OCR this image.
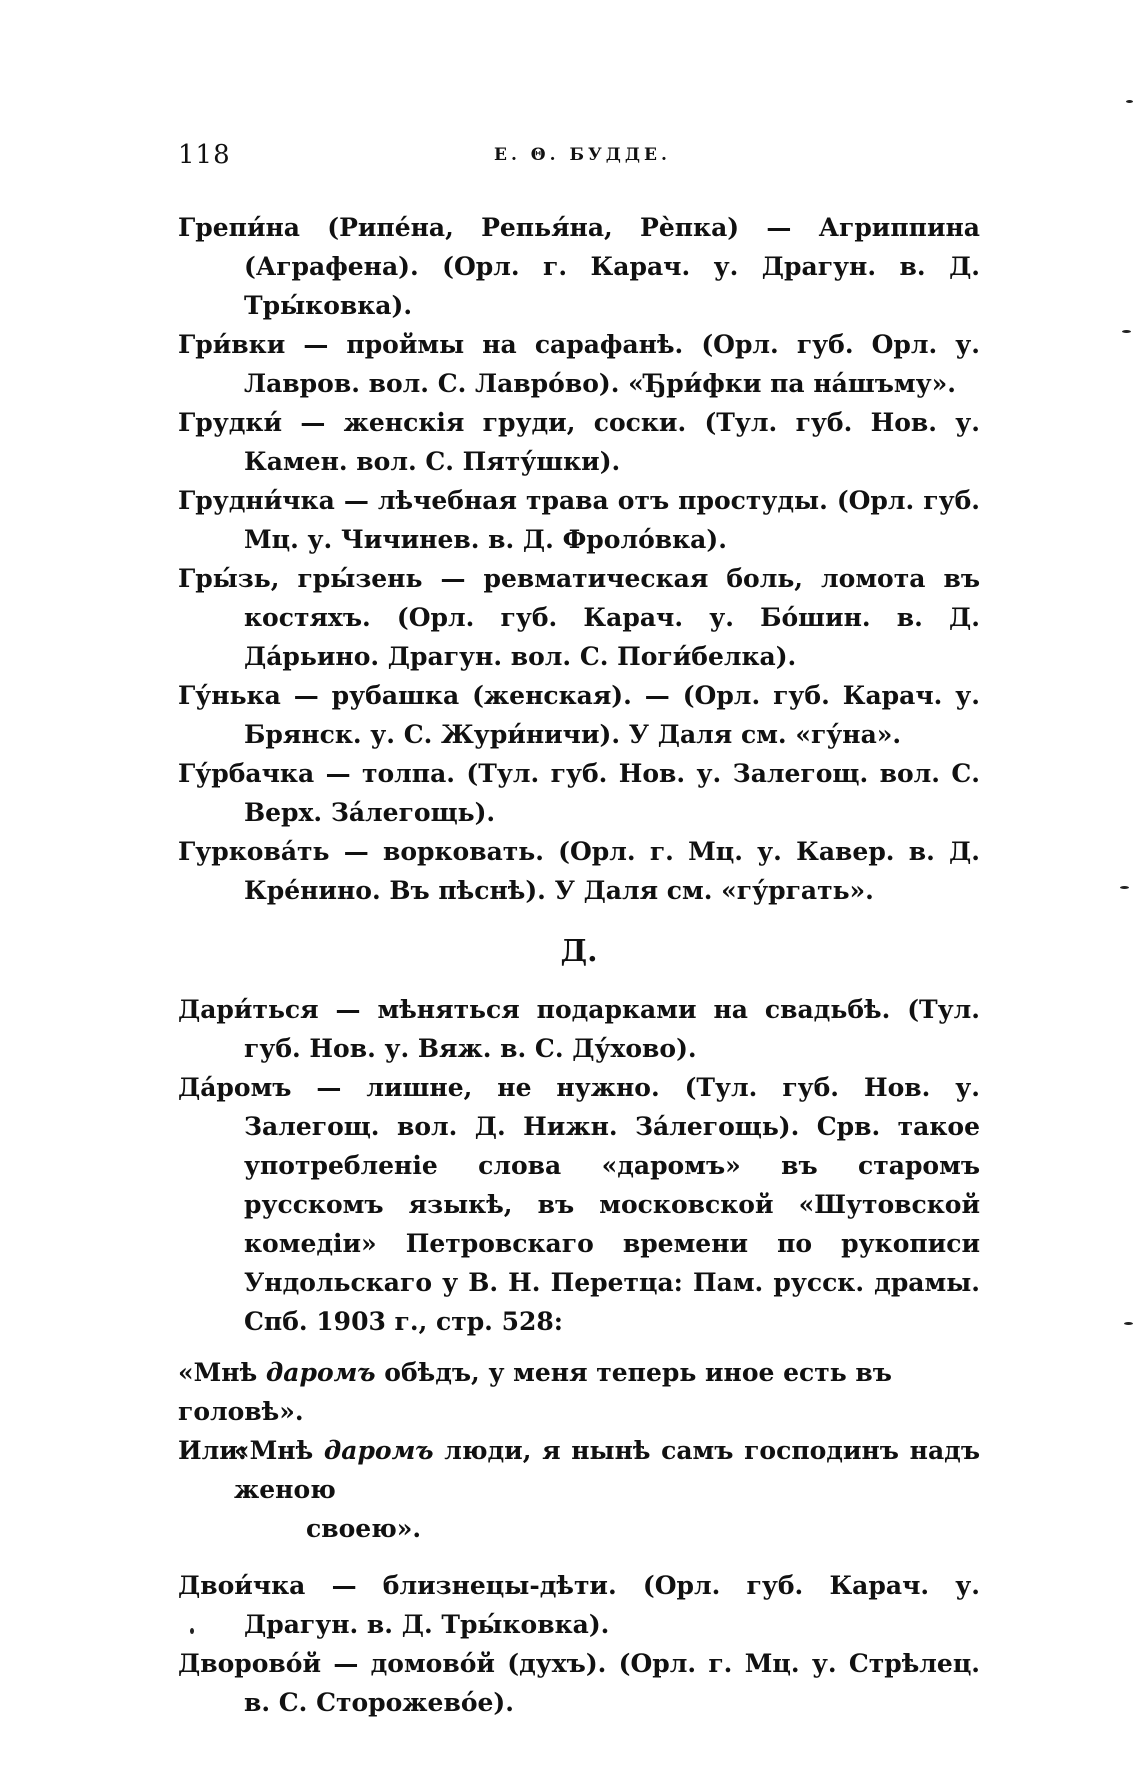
118	Е. Θ. БУДДЕ.

Грепи́на (Рипе́на, Репья́на, Рѐпка) — Агриппина (Аграфена). (Орл. г. Карач. у. Драгун. в. Д. Тры́ковка).

Гри́вки — проймы на сарафанѣ. (Орл. губ. Орл. у. Лавров. вол. С. Лавро́во). «Ђри́фки па на́шъму».

Грудки́ — женскія груди, соски. (Тул. губ. Нов. у. Камен. вол. С. Пяту́шки).

Грудни́чка — лѣчебная трава отъ простуды. (Орл. губ. Мц. у. Чичинев. в. Д. Фроло́вка).

Гры́зь, гры́зень — ревматическая боль, ломота въ костяхъ. (Орл. губ. Карач. у. Бо́шин. в. Д. Да́рьино. Драгун. вол. С. Поги́белка).

Гу́нька — рубашка (женская). — (Орл. губ. Карач. у. Брянск. у. С. Жури́ничи). У Даля см. «гу́на».

Гу́рбачка — толпа. (Тул. губ. Нов. у. Залегощ. вол. С. Верх. За́легощь).

Гуркова́ть — ворковать. (Орл. г. Мц. у. Кавер. в. Д. Кре́нино. Въ пѣснѣ). У Даля см. «гу́ргать».

Д.

Дари́ться — мѣняться подарками на свадьбѣ. (Тул. губ. Нов. у. Вяж. в. С. Ду́хово).

Да́ромъ — лишне, не нужно. (Тул. губ. Нов. у. Залегощ. вол. Д. Нижн. За́легощь). Срв. такое употребленіе слова «даромъ» въ старомъ русскомъ языкѣ, въ московской «Шутовской комедіи» Петровскаго времени по рукописи Ундольскаго у В. Н. Перетца: Пам. русск. драмы. Спб. 1903 г., стр. 528:

«Мнѣ даромъ обѣдъ, у меня теперь иное есть въ головѣ».
Или:
«Мнѣ даромъ люди, я нынѣ самъ господинъ надъ женою
своею».

Двои́чка — близнецы-дѣти. (Орл. губ. Карач. у. Драгун. в. Д. Тры́ковка).

Дворово́й — домово́й (духъ). (Орл. г. Мц. у. Стрѣлец. в. С. Сторожево́е).
